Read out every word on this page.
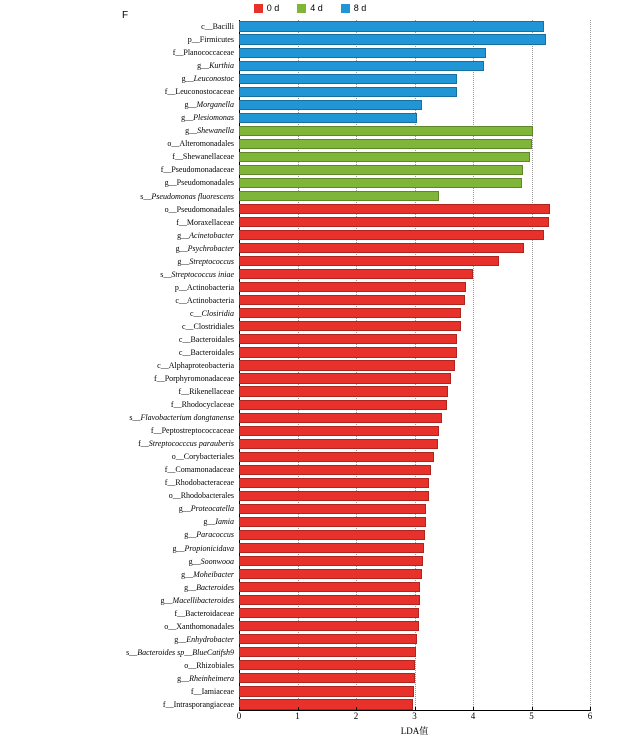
0 d	4 d	8 d
F
c__Bacilli
p__Firmicutes
f__Planococcaceae
g__Kurthia
g__Leuconostoc
f__Leuconostocaceae
g__Morganella
g__Plesiomonas
g__Shewanella
o__Alteromonadales
f__Shewanellaceae
f__Pseudomonadaceae
g__Pseudomonadales
s__Pseudomonas fluorescens
o__Pseudomonadales
f__Moraxellaceae
g__Acinetobacter
g__Psychrobacter
g__Streptococcus
s__Streptococcus iniae
p__Actinobacteria
c__Actinobacteria
c__Closiridia
c__Clostridiales
c__Bacteroidales
c__Bacteroidales
c__Alphaproteobacteria
f__Porphyromonadaceae
f__Rikenellaceae
f__Rhodocyclaceae
s__Flavobacterium dongtanense
f__Peptostreptococcaceae
f__Streptococccus parauberis
o__Corybacteriales
f__Comamonadaceae
f__Rhodobacteraceae
o__Rhodobacterales
g__Proteocatella
g__Iamia
g__Paracoccus
g__Propionicidava
g__Soonwooa
g__Moheibacter
g__Bacteroides
g__Macellibacteroides
f__Bacteroidaceae
o__Xanthomonadales
g__Enhydrobacter
s__Bacteroides sp__BlueCatifsh9
o__Rhizobiales
g__Rheinheimera
f__Iamiaceae
f__Intrasporangiaceae
0	1	2	3	4	5	6
LDA值
